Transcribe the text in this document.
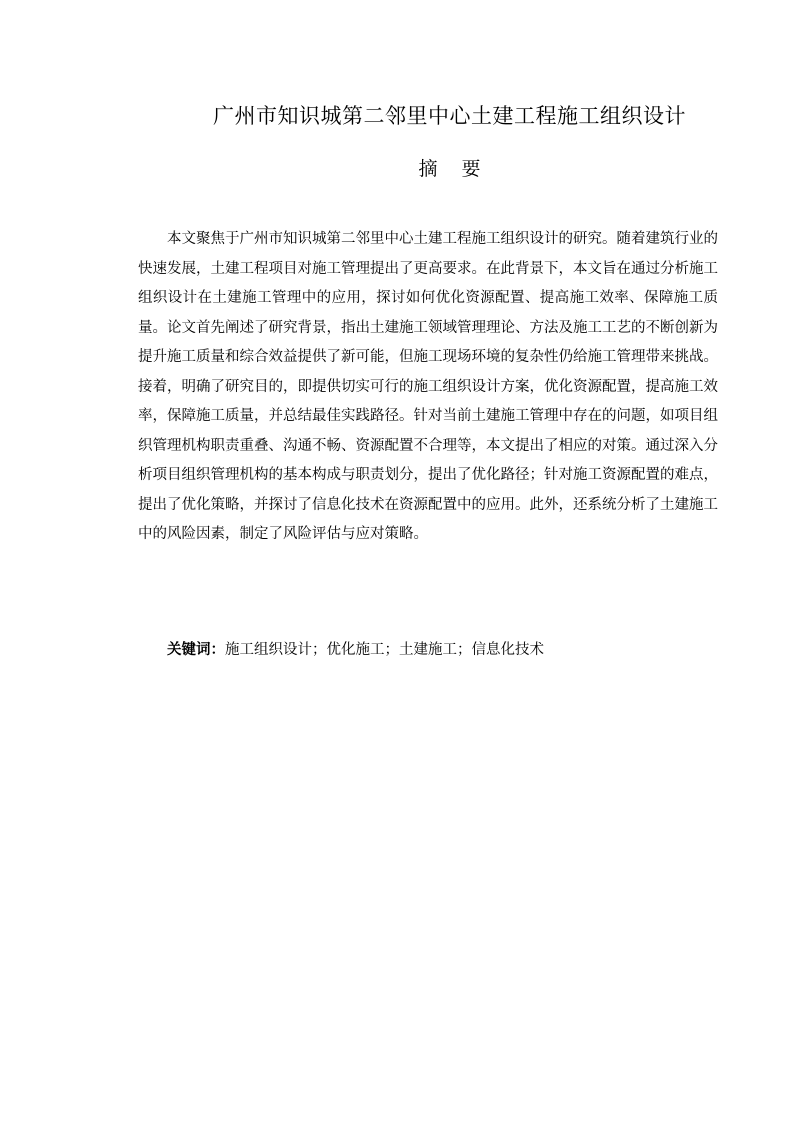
广州市知识城第二邻里中心土建工程施工组织设计
摘要

本文聚焦于广州市知识城第二邻里中心土建工程施工组织设计的研究。随着建筑行业的快速发展，土建工程项目对施工管理提出了更高要求。在此背景下，本文旨在通过分析施工组织设计在土建施工管理中的应用，探讨如何优化资源配置、提高施工效率、保障施工质量。论文首先阐述了研究背景，指出土建施工领域管理理论、方法及施工工艺的不断创新为提升施工质量和综合效益提供了新可能，但施工现场环境的复杂性仍给施工管理带来挑战。接着，明确了研究目的，即提供切实可行的施工组织设计方案，优化资源配置，提高施工效率，保障施工质量，并总结最佳实践路径。针对当前土建施工管理中存在的问题，如项目组织管理机构职责重叠、沟通不畅、资源配置不合理等，本文提出了相应的对策。通过深入分析项目组织管理机构的基本构成与职责划分，提出了优化路径；针对施工资源配置的难点，提出了优化策略，并探讨了信息化技术在资源配置中的应用。此外，还系统分析了土建施工中的风险因素，制定了风险评估与应对策略。

关键词：施工组织设计；优化施工；土建施工；信息化技术
